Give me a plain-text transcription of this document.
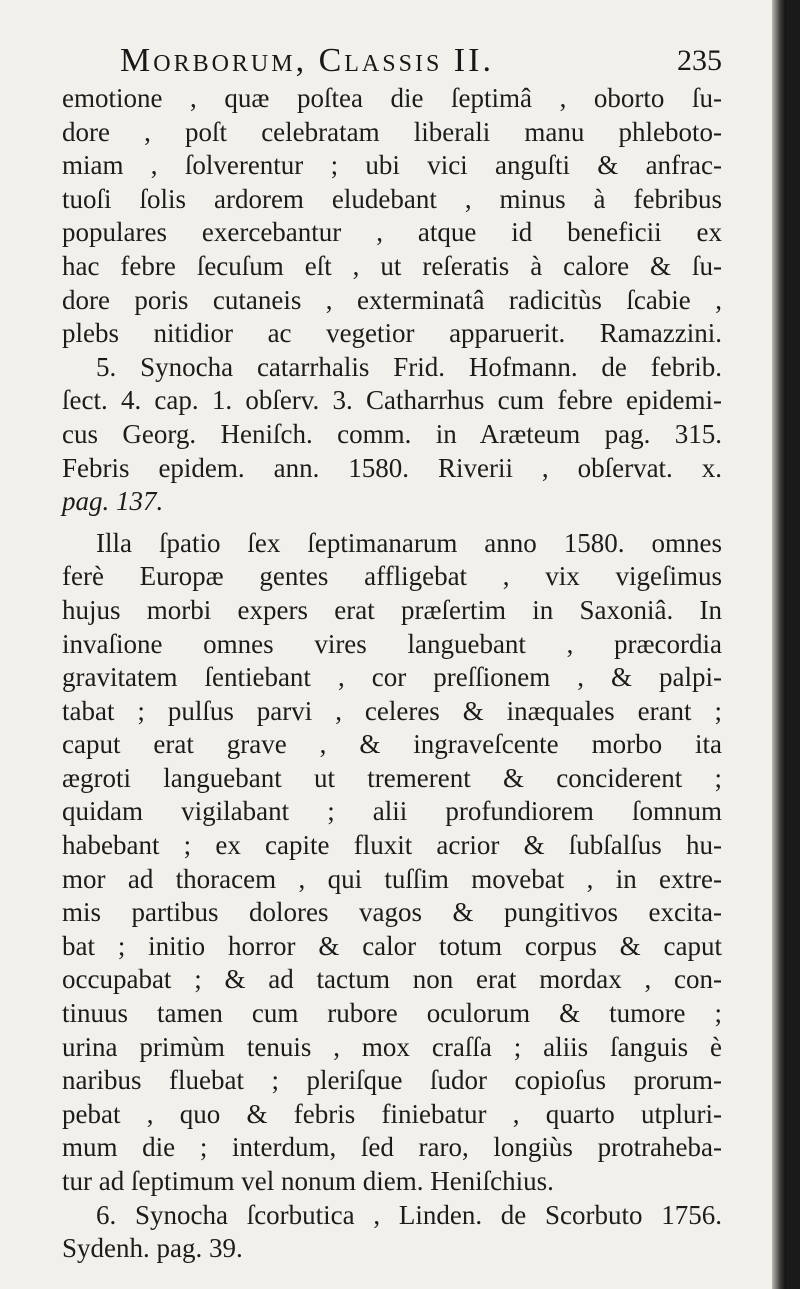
Morborum, Classis II.	235
emotione , quæ poſtea die ſeptimâ , oborto ſu-
dore , poſt celebratam liberali manu phleboto-
miam , ſolverentur ; ubi vici anguſti & anfrac-
tuoſi ſolis ardorem eludebant , minus à febribus
populares exercebantur , atque id beneficii ex
hac febre ſecuſum eſt , ut reſeratis à calore & ſu-
dore poris cutaneis , exterminatâ radicitùs ſcabie ,
plebs nitidior ac vegetior apparuerit. Ramazzini.
5. Synocha catarrhalis Frid. Hofmann. de febrib.
ſect. 4. cap. 1. obſerv. 3. Catharrhus cum febre epidemi-
cus Georg. Heniſch. comm. in Aræteum pag. 315.
Febris epidem. ann. 1580. Riverii , obſervat. x.
pag. 137.
Illa ſpatio ſex ſeptimanarum anno 1580. omnes
ferè Europæ gentes affligebat , vix vigeſimus
hujus morbi expers erat præſertim in Saxoniâ. In
invaſione omnes vires languebant , præcordia
gravitatem ſentiebant , cor preſſionem , & palpi-
tabat ; pulſus parvi , celeres & inæquales erant ;
caput erat grave , & ingraveſcente morbo ita
ægroti languebant ut tremerent & conciderent ;
quidam vigilabant ; alii profundiorem ſomnum
habebant ; ex capite fluxit acrior & ſubſalſus hu-
mor ad thoracem , qui tuſſim movebat , in extre-
mis partibus dolores vagos & pungitivos excita-
bat ; initio horror & calor totum corpus & caput
occupabat ; & ad tactum non erat mordax , con-
tinuus tamen cum rubore oculorum & tumore ;
urina primùm tenuis , mox craſſa ; aliis ſanguis è
naribus fluebat ; pleriſque ſudor copioſus prorum-
pebat , quo & febris finiebatur , quarto utpluri-
mum die ; interdum, ſed raro, longiùs protraheba-
tur ad ſeptimum vel nonum diem. Heniſchius.
6. Synocha ſcorbutica , Linden. de Scorbuto 1756.
Sydenh. pag. 39.
